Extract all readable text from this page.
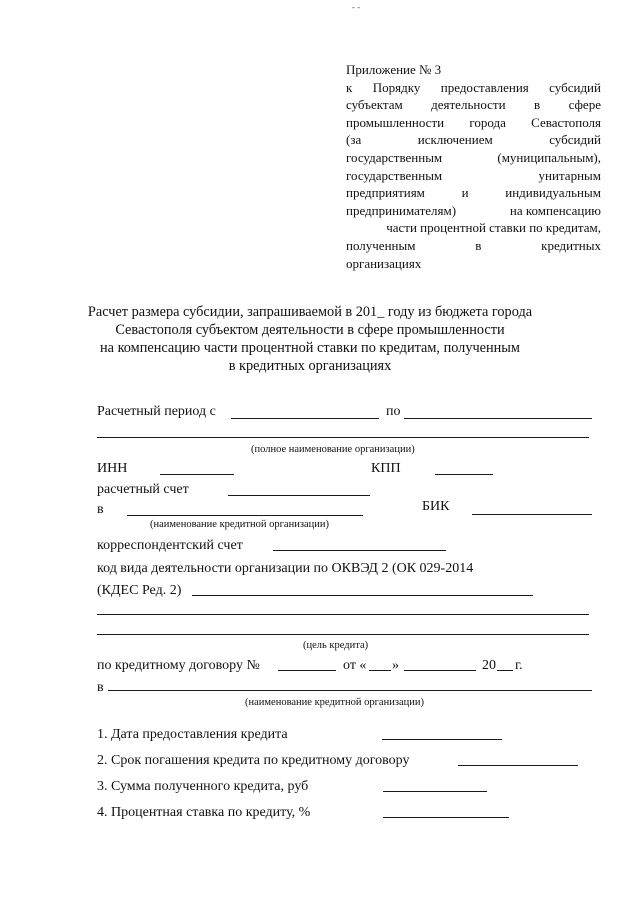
- -
Приложение № 3
к Порядку предоставления субсидий
субъектам деятельности в сфере
промышленности города Севастополя
(за	исключением	субсидий
государственным	(муниципальным),
государственным	унитарным
предприятиям	и	индивидуальным
предпринимателям)	на компенсацию
части процентной ставки по кредитам,
полученным	в	кредитных
организациях
Расчет размера субсидии, запрашиваемой в 201_ году из бюджета города
Севастополя субъектом деятельности в сфере промышленности
на компенсацию части процентной ставки по кредитам, полученным
в кредитных организациях
Расчетный период с	по
(полное наименование организации)
ИНН	КПП
расчетный счет
в	БИК
(наименование кредитной организации)
корреспондентский счет
код вида деятельности организации по ОКВЭД 2 (ОК 029-2014
(КДЕС Ред. 2)
(цель кредита)
по кредитному договору №	от « »	20 г.
в
(наименование кредитной организации)
1. Дата предоставления кредита
2. Срок погашения кредита по кредитному договору
3. Сумма полученного кредита, руб
4. Процентная ставка по кредиту, %
